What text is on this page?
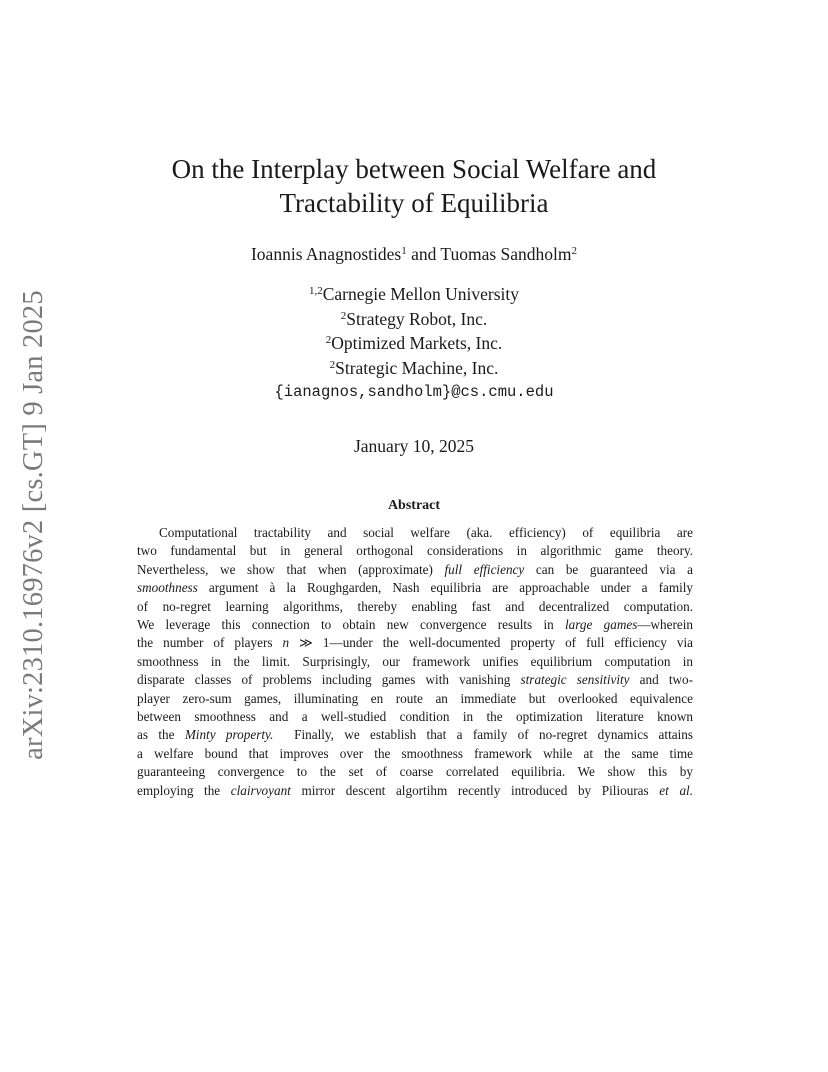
arXiv:2310.16976v2 [cs.GT] 9 Jan 2025
On the Interplay between Social Welfare and
Tractability of Equilibria
Ioannis Anagnostides$^1$ and Tuomas Sandholm$^2$
$^{1,2}$Carnegie Mellon University
$^2$Strategy Robot, Inc.
$^2$Optimized Markets, Inc.
$^2$Strategic Machine, Inc.
{ianagnos,sandholm}@cs.cmu.edu
January 10, 2025
Abstract
Computational tractability and social welfare (aka. efficiency) of equilibria are
two fundamental but in general orthogonal considerations in algorithmic game theory.
Nevertheless, we show that when (approximate) full efficiency can be guaranteed via a
smoothness argument à la Roughgarden, Nash equilibria are approachable under a family
of no-regret learning algorithms, thereby enabling fast and decentralized computation.
We leverage this connection to obtain new convergence results in large games—wherein
the number of players n ≫ 1—under the well-documented property of full efficiency via
smoothness in the limit. Surprisingly, our framework unifies equilibrium computation in
disparate classes of problems including games with vanishing strategic sensitivity and two-
player zero-sum games, illuminating en route an immediate but overlooked equivalence
between smoothness and a well-studied condition in the optimization literature known
as the Minty property.  Finally, we establish that a family of no-regret dynamics attains
a welfare bound that improves over the smoothness framework while at the same time
guaranteeing convergence to the set of coarse correlated equilibria. We show this by
employing the clairvoyant mirror descent algortihm recently introduced by Piliouras et al.
